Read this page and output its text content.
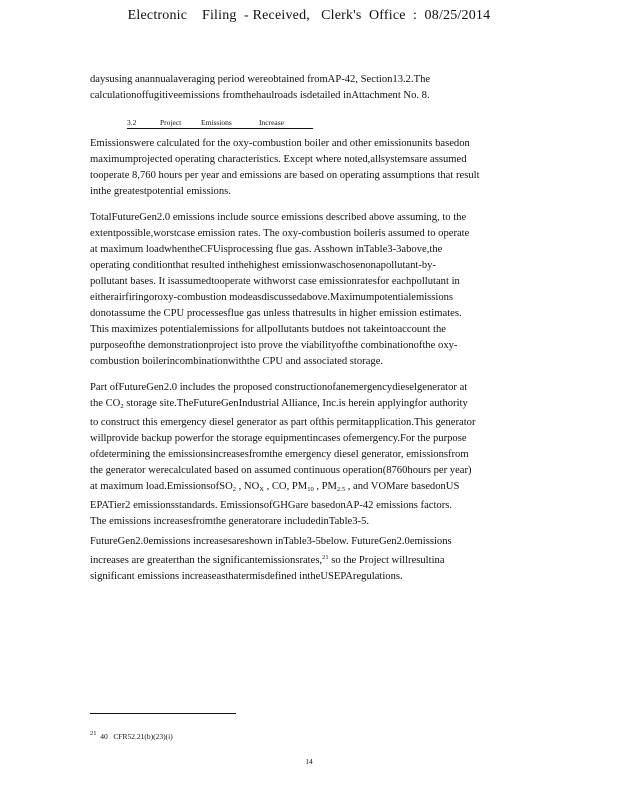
Electronic    Filing  - Received,   Clerk's  Office  :  08/25/2014

daysusing anannualaveraging period wereobtained fromAP-42, Section13.2.The

calculationoffugitiveemissions fromthehaulroads isdetailed inAttachment No. 8.

3.2	Project	Emissions	Increase

Emissionswere calculated for the oxy-combustion boiler and other emissionunits basedon

maximumprojected operating characteristics. Except where noted,allsystemsare assumed

tooperate 8,760 hours per year and emissions are based on operating assumptions that result

inthe greatestpotential emissions.

TotalFutureGen2.0 emissions include source emissions described above assuming, to the

extentpossible,worstcase emission rates. The oxy-combustion boileris assumed to operate

at maximum loadwhentheCFUisprocessing flue gas. Asshown inTable3-3above,the

operating conditionthat resulted inthehighest emissionwaschosenonapollutant-by-

pollutant bases. It isassumedtooperate withworst case emissionratesfor eachpollutant in

eitherairfiringoroxy-combustion modeasdiscussedabove.Maximumpotentialemissions

donotassume the CPU processesflue gas unless thatresults in higher emission estimates.

This maximizes potentialemissions for allpollutants butdoes not takeintoaccount the

purposeofthe demonstrationproject isto prove the viabilityofthe combinationofthe oxy-

combustion boilerincombinationwiththe CPU and associated storage.

Part ofFutureGen2.0 includes the proposed constructionofanemergencydieselgenerator at

the $CO_2$ storage site.TheFutureGenIndustrial Alliance, Inc.is herein applyingfor authority

to construct this emergency diesel generator as part ofthis permitapplication.This generator

willprovide backup powerfor the storage equipmentincases ofemergency.For the purpose

ofdetermining the emissionsincreasesfromthe emergency diesel generator, emissionsfrom

the generator werecalculated based on assumed continuous operation(8760hours per year)

at maximum load.EmissionsofSO$_2$ , $NO_X$ , CO, $PM_{10}$ , $PM_{2.5}$ , and VOMare basedonUS

EPATier2 emissionsstandards. EmissionsofGHGare basedonAP-42 emissions factors.

The emissions increasesfromthe generatorare includedinTable3-5.

FutureGen2.0emissions increasesareshown inTable3-5below. FutureGen2.0emissions

increases are greaterthan the significantemissionsrates,$^{21}$ so the Project willresultina

significant emissions increaseasthatermisdefined intheUSEPAregulations.

21  40   CFR52.21(b)(23)(i)
14
